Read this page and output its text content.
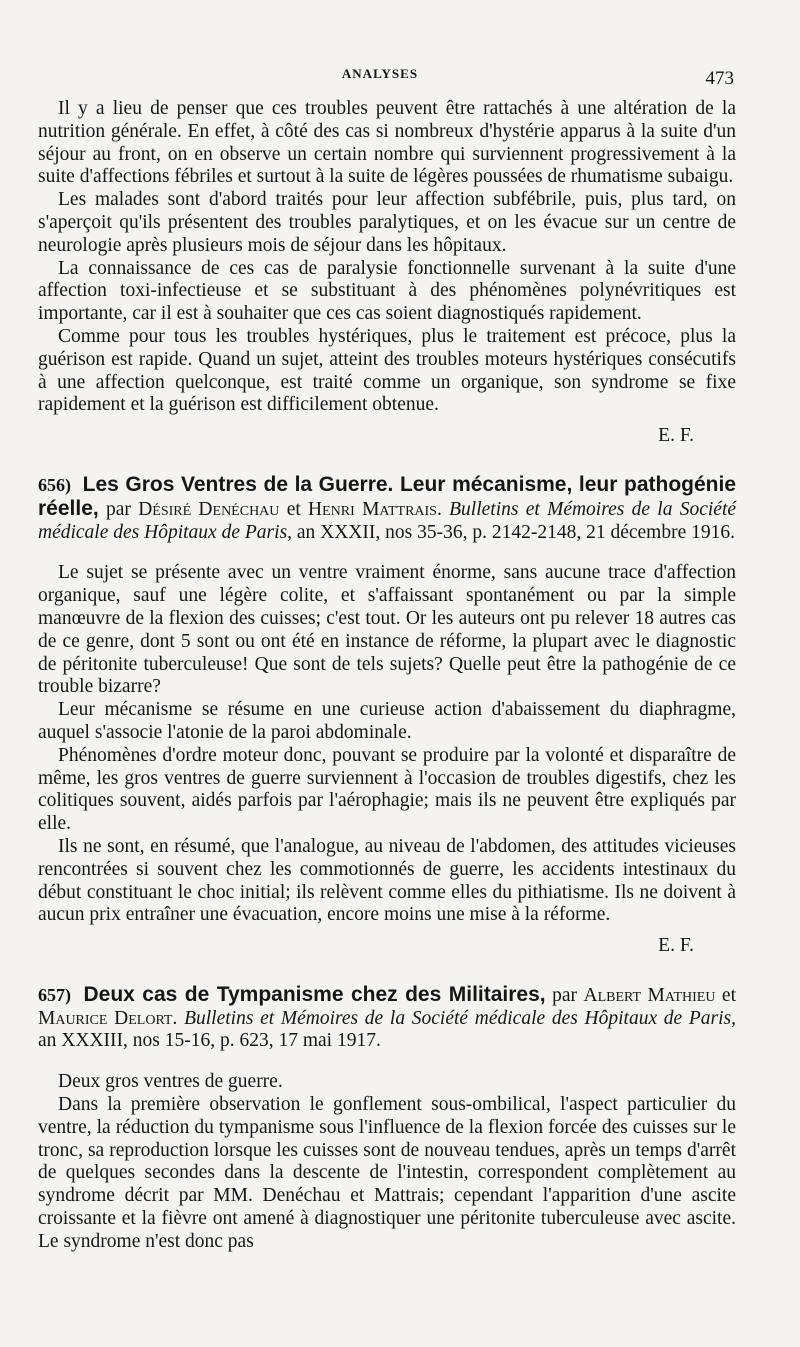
ANALYSES	473

Il y a lieu de penser que ces troubles peuvent être rattachés à une altération de la nutrition générale. En effet, à côté des cas si nombreux d'hystérie apparus à la suite d'un séjour au front, on en observe un certain nombre qui surviennent progressivement à la suite d'affections fébriles et surtout à la suite de légères poussées de rhumatisme subaigu.

Les malades sont d'abord traités pour leur affection subfébrile, puis, plus tard, on s'aperçoit qu'ils présentent des troubles paralytiques, et on les évacue sur un centre de neurologie après plusieurs mois de séjour dans les hôpitaux.

La connaissance de ces cas de paralysie fonctionnelle survenant à la suite d'une affection toxi-infectieuse et se substituant à des phénomènes polynévritiques est importante, car il est à souhaiter que ces cas soient diagnostiqués rapidement.

Comme pour tous les troubles hystériques, plus le traitement est précoce, plus la guérison est rapide. Quand un sujet, atteint des troubles moteurs hystériques consécutifs à une affection quelconque, est traité comme un organique, son syndrome se fixe rapidement et la guérison est difficilement obtenue.

E. F.

656) Les Gros Ventres de la Guerre. Leur mécanisme, leur pathogénie réelle, par Désiré Denéchau et Henri Mattrais. Bulletins et Mémoires de la Société médicale des Hôpitaux de Paris, an XXXII, nos 35-36, p. 2142-2148, 21 décembre 1916.

Le sujet se présente avec un ventre vraiment énorme, sans aucune trace d'affection organique, sauf une légère colite, et s'affaissant spontanément ou par la simple manœuvre de la flexion des cuisses; c'est tout. Or les auteurs ont pu relever 18 autres cas de ce genre, dont 5 sont ou ont été en instance de réforme, la plupart avec le diagnostic de péritonite tuberculeuse! Que sont de tels sujets? Quelle peut être la pathogénie de ce trouble bizarre?

Leur mécanisme se résume en une curieuse action d'abaissement du diaphragme, auquel s'associe l'atonie de la paroi abdominale.

Phénomènes d'ordre moteur donc, pouvant se produire par la volonté et disparaître de même, les gros ventres de guerre surviennent à l'occasion de troubles digestifs, chez les colitiques souvent, aidés parfois par l'aérophagie; mais ils ne peuvent être expliqués par elle.

Ils ne sont, en résumé, que l'analogue, au niveau de l'abdomen, des attitudes vicieuses rencontrées si souvent chez les commotionnés de guerre, les accidents intestinaux du début constituant le choc initial; ils relèvent comme elles du pithiatisme. Ils ne doivent à aucun prix entraîner une évacuation, encore moins une mise à la réforme.

E. F.

657) Deux cas de Tympanisme chez des Militaires, par Albert Mathieu et Maurice Delort. Bulletins et Mémoires de la Société médicale des Hôpitaux de Paris, an XXXIII, nos 15-16, p. 623, 17 mai 1917.

Deux gros ventres de guerre.

Dans la première observation le gonflement sous-ombilical, l'aspect particulier du ventre, la réduction du tympanisme sous l'influence de la flexion forcée des cuisses sur le tronc, sa reproduction lorsque les cuisses sont de nouveau tendues, après un temps d'arrêt de quelques secondes dans la descente de l'intestin, correspondent complètement au syndrome décrit par MM. Denéchau et Mattrais; cependant l'apparition d'une ascite croissante et la fièvre ont amené à diagnostiquer une péritonite tuberculeuse avec ascite. Le syndrome n'est donc pas
